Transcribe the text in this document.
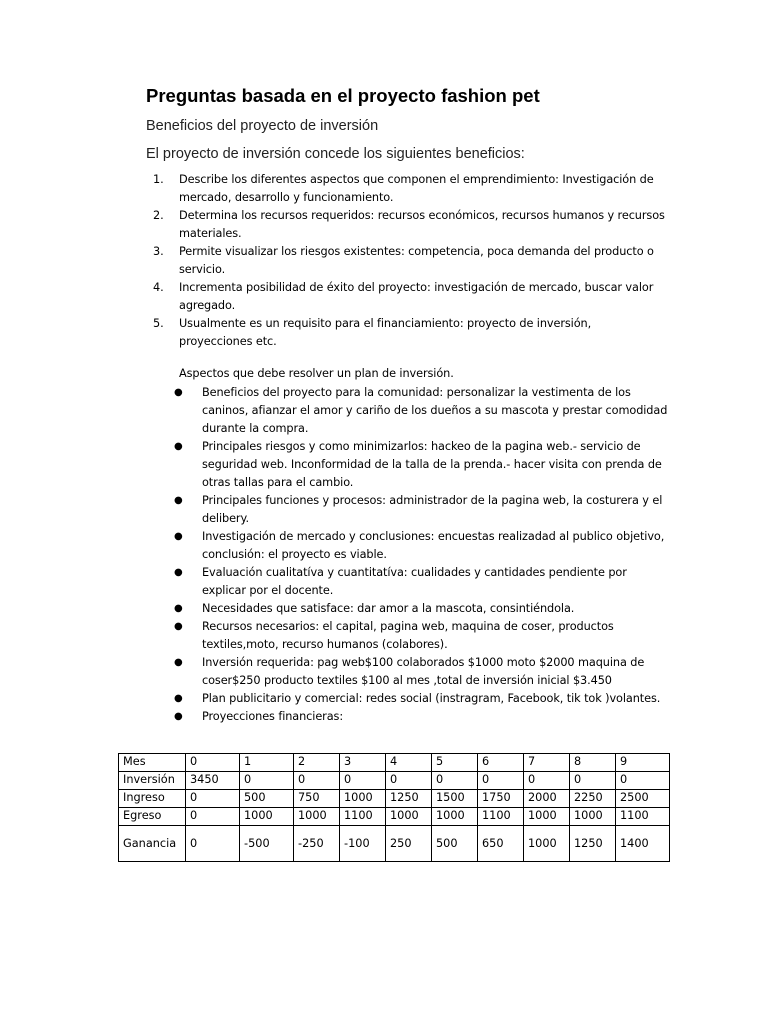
Preguntas basada en el proyecto fashion pet
Beneficios del proyecto de inversión
El proyecto de inversión concede los siguientes beneficios:
1. Describe los diferentes aspectos que componen el emprendimiento: Investigación de mercado, desarrollo y funcionamiento.
2. Determina los recursos requeridos: recursos económicos, recursos humanos y recursos materiales.
3. Permite visualizar los riesgos existentes: competencia, poca demanda del producto o servicio.
4. Incrementa posibilidad de éxito del proyecto: investigación de mercado, buscar valor agregado.
5. Usualmente es un requisito para el financiamiento: proyecto de inversión, proyecciones etc.
Aspectos que debe resolver un plan de inversión.
● Beneficios del proyecto para la comunidad: personalizar la vestimenta de los caninos, afianzar el amor y cariño de los dueños a su mascota y prestar comodidad durante la compra.
● Principales riesgos y como minimizarlos: hackeo de la pagina web.- servicio de seguridad web. Inconformidad de la talla de la prenda.- hacer visita con prenda de otras tallas para el cambio.
● Principales funciones y procesos: administrador de la pagina web, la costurera y el delibery.
● Investigación de mercado y conclusiones: encuestas realizadad al publico objetivo, conclusión: el proyecto es viable.
● Evaluación cualitatíva y cuantitatíva: cualidades y cantidades pendiente por explicar por el docente.
● Necesidades que satisface: dar amor a la mascota, consintiéndola.
● Recursos necesarios: el capital, pagina web, maquina de coser, productos textiles,moto, recurso humanos (colabores).
● Inversión requerida: pag web$100 colaborados $1000 moto $2000 maquina de coser$250 producto textiles $100 al mes ,total de inversión inicial $3.450
● Plan publicitario y comercial: redes social (instragram, Facebook, tik tok )volantes.
● Proyecciones financieras:
Mes	0	1	2	3	4	5	6	7	8	9
Inversión	3450	0	0	0	0	0	0	0	0	0
Ingreso	0	500	750	1000	1250	1500	1750	2000	2250	2500
Egreso	0	1000	1000	1100	1000	1000	1100	1000	1000	1100
Ganancia	0	-500	-250	-100	250	500	650	1000	1250	1400
